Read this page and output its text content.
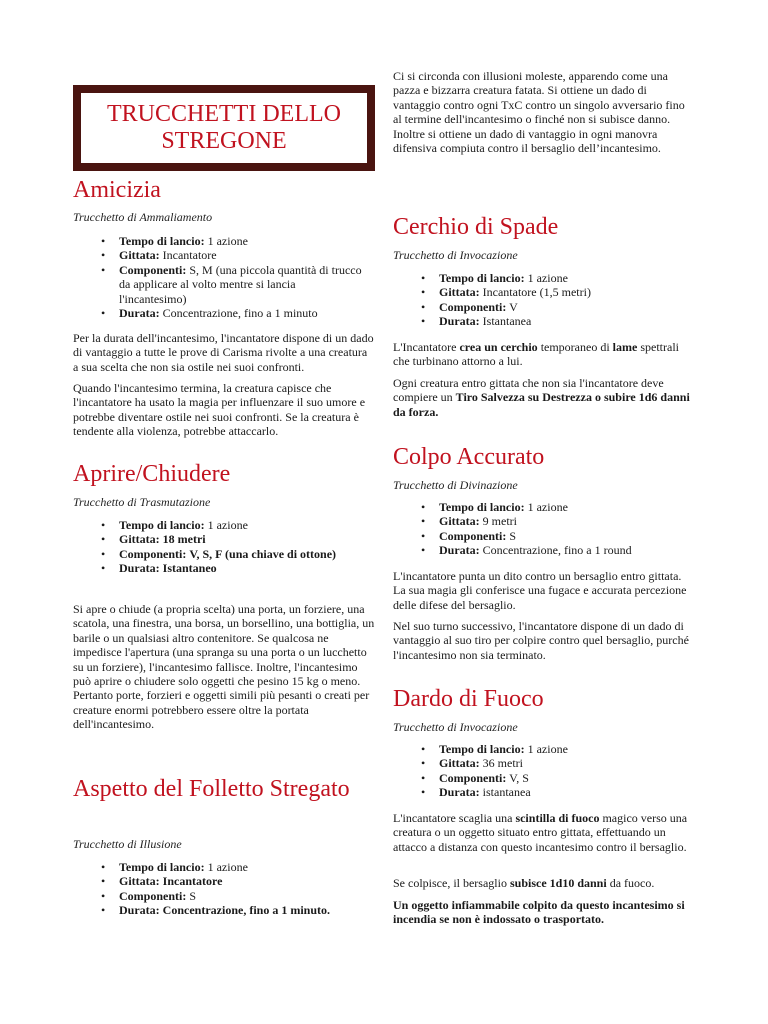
TRUCCHETTI DELLO STREGONE
Amicizia
Trucchetto di Ammaliamento
• Tempo di lancio: 1 azione
• Gittata: Incantatore
• Componenti: S, M (una piccola quantità di trucco da applicare al volto mentre si lancia l'incantesimo)
• Durata: Concentrazione, fino a 1 minuto

Per la durata dell'incantesimo, l'incantatore dispone di un dado di vantaggio a tutte le prove di Carisma rivolte a una creatura a sua scelta che non sia ostile nei suoi confronti.

Quando l'incantesimo termina, la creatura capisce che l'incantatore ha usato la magia per influenzare il suo umore e potrebbe diventare ostile nei suoi confronti. Se la creatura è tendente alla violenza, potrebbe attaccarlo.

Aprire/Chiudere
Trucchetto di Trasmutazione
• Tempo di lancio: 1 azione
• Gittata: 18 metri
• Componenti: V, S, F (una chiave di ottone)
• Durata: Istantaneo

Si apre o chiude (a propria scelta) una porta, un forziere, una scatola, una finestra, una borsa, un borsellino, una bottiglia, un barile o un qualsiasi altro contenitore. Se qualcosa ne impedisce l'apertura (una spranga su una porta o un lucchetto su un forziere), l'incantesimo fallisce. Inoltre, l'incantesimo può aprire o chiudere solo oggetti che pesino 15 kg o meno. Pertanto porte, forzieri e oggetti simili più pesanti o creati per creature enormi potrebbero essere oltre la portata dell'incantesimo.

Aspetto del Folletto Stregato
Trucchetto di Illusione
• Tempo di lancio: 1 azione
• Gittata: Incantatore
• Componenti: S
• Durata: Concentrazione, fino a 1 minuto.

Ci si circonda con illusioni moleste, apparendo come una pazza e bizzarra creatura fatata. Si ottiene un dado di vantaggio contro ogni TxC contro un singolo avversario fino al termine dell'incantesimo o finché non si subisce danno. Inoltre si ottiene un dado di vantaggio in ogni manovra difensiva compiuta contro il bersaglio dell’incantesimo.

Cerchio di Spade
Trucchetto di Invocazione
• Tempo di lancio: 1 azione
• Gittata: Incantatore (1,5 metri)
• Componenti: V
• Durata: Istantanea

L'Incantatore crea un cerchio temporaneo di lame spettrali che turbinano attorno a lui.

Ogni creatura entro gittata che non sia l'incantatore deve compiere un Tiro Salvezza su Destrezza o subire 1d6 danni da forza.

Colpo Accurato
Trucchetto di Divinazione
• Tempo di lancio: 1 azione
• Gittata: 9 metri
• Componenti: S
• Durata: Concentrazione, fino a 1 round

L'incantatore punta un dito contro un bersaglio entro gittata. La sua magia gli conferisce una fugace e accurata percezione delle difese del bersaglio.

Nel suo turno successivo, l'incantatore dispone di un dado di vantaggio al suo tiro per colpire contro quel bersaglio, purché l'incantesimo non sia terminato.

Dardo di Fuoco
Trucchetto di Invocazione
• Tempo di lancio: 1 azione
• Gittata: 36 metri
• Componenti: V, S
• Durata: istantanea

L'incantatore scaglia una scintilla di fuoco magico verso una creatura o un oggetto situato entro gittata, effettuando un attacco a distanza con questo incantesimo contro il bersaglio.

Se colpisce, il bersaglio subisce 1d10 danni da fuoco.

Un oggetto infiammabile colpito da questo incantesimo si incendia se non è indossato o trasportato.
